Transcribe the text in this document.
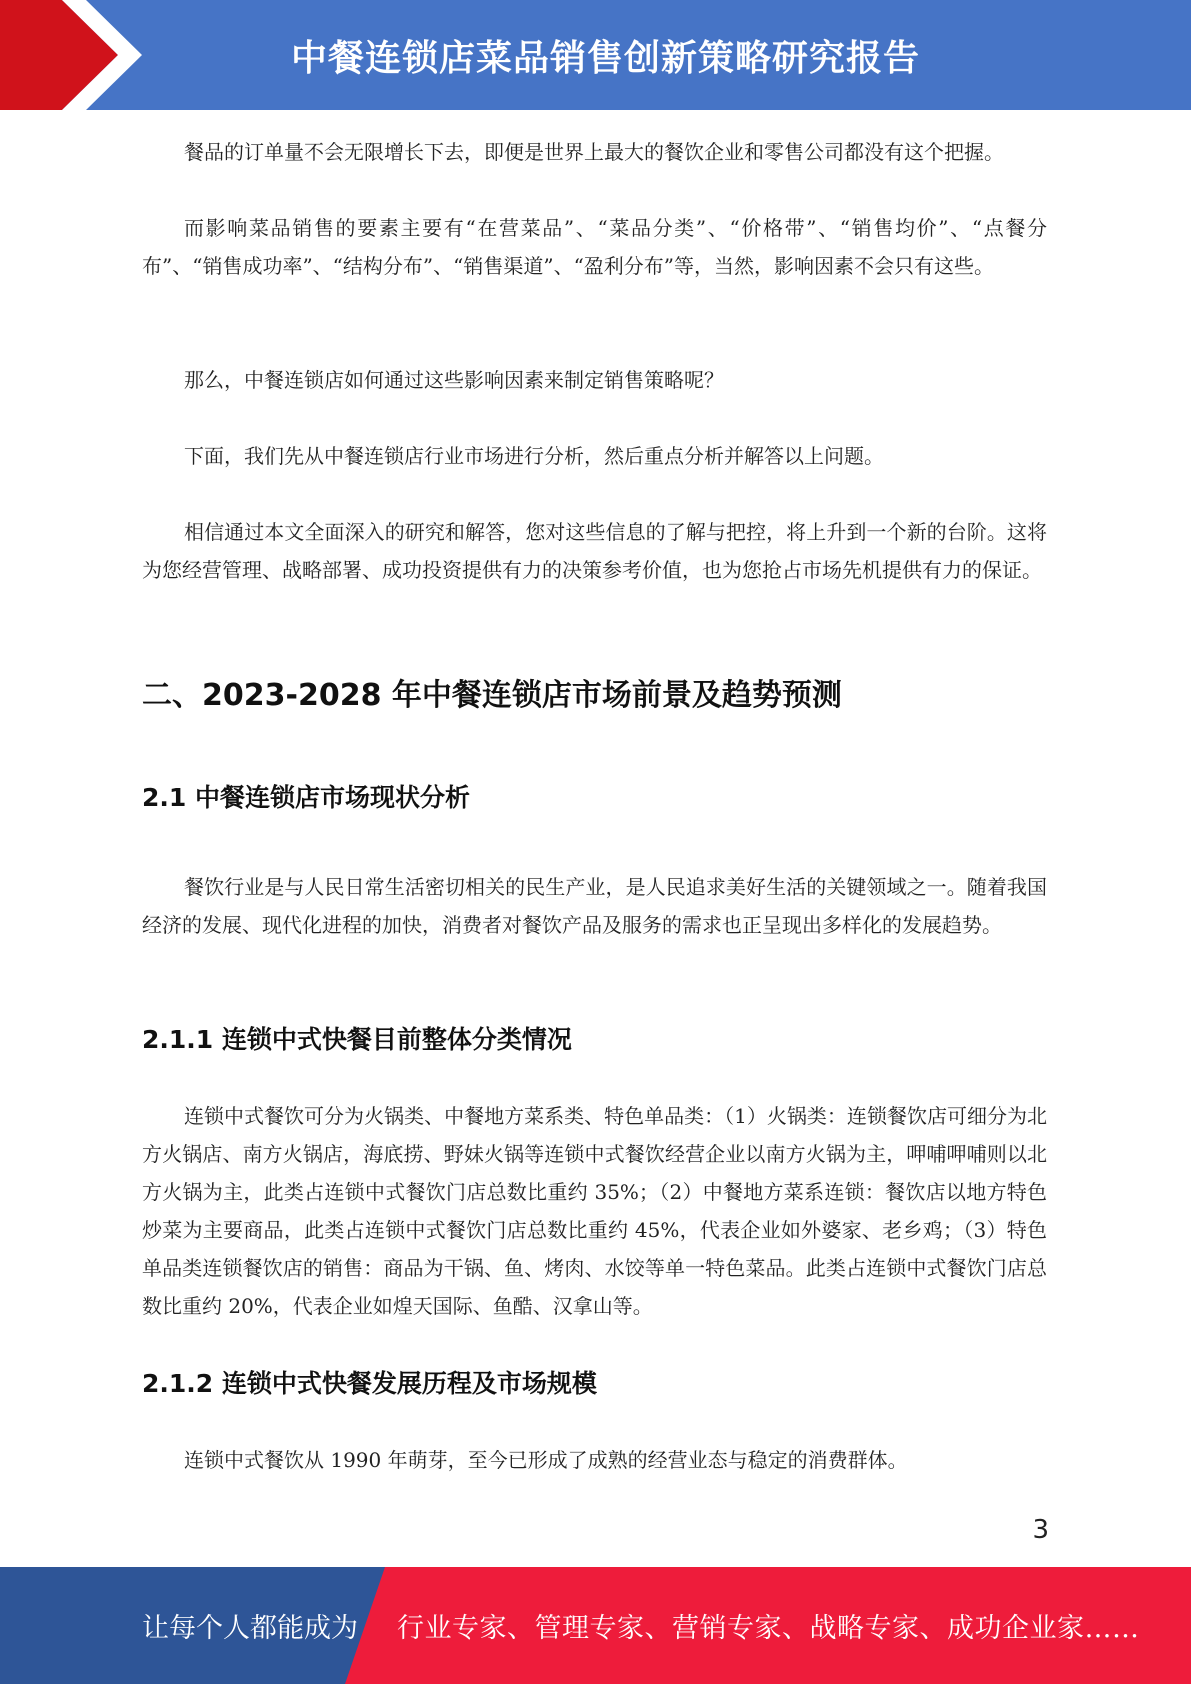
中餐连锁店菜品销售创新策略研究报告

餐品的订单量不会无限增长下去，即便是世界上最大的餐饮企业和零售公司都没有这个把握。

而影响菜品销售的要素主要有“在营菜品”、“菜品分类”、“价格带”、“销售均价”、“点餐分布”、“销售成功率”、“结构分布”、“销售渠道”、“盈利分布”等，当然，影响因素不会只有这些。

那么，中餐连锁店如何通过这些影响因素来制定销售策略呢？

下面，我们先从中餐连锁店行业市场进行分析，然后重点分析并解答以上问题。

相信通过本文全面深入的研究和解答，您对这些信息的了解与把控，将上升到一个新的台阶。这将为您经营管理、战略部署、成功投资提供有力的决策参考价值，也为您抢占市场先机提供有力的保证。

二、2023-2028 年中餐连锁店市场前景及趋势预测
2.1 中餐连锁店市场现状分析

餐饮行业是与人民日常生活密切相关的民生产业，是人民追求美好生活的关键领域之一。随着我国经济的发展、现代化进程的加快，消费者对餐饮产品及服务的需求也正呈现出多样化的发展趋势。

2.1.1 连锁中式快餐目前整体分类情况

连锁中式餐饮可分为火锅类、中餐地方菜系类、特色单品类：（1）火锅类：连锁餐饮店可细分为北方火锅店、南方火锅店，海底捞、野妹火锅等连锁中式餐饮经营企业以南方火锅为主，呷哺呷哺则以北方火锅为主，此类占连锁中式餐饮门店总数比重约 35%；（2）中餐地方菜系连锁：餐饮店以地方特色炒菜为主要商品，此类占连锁中式餐饮门店总数比重约 45%，代表企业如外婆家、老乡鸡；（3）特色单品类连锁餐饮店的销售：商品为干锅、鱼、烤肉、水饺等单一特色菜品。此类占连锁中式餐饮门店总数比重约 20%，代表企业如煌天国际、鱼酷、汉拿山等。

2.1.2 连锁中式快餐发展历程及市场规模

连锁中式餐饮从 1990 年萌芽，至今已形成了成熟的经营业态与稳定的消费群体。

3
让每个人都能成为 行业专家、管理专家、营销专家、战略专家、成功企业家……
